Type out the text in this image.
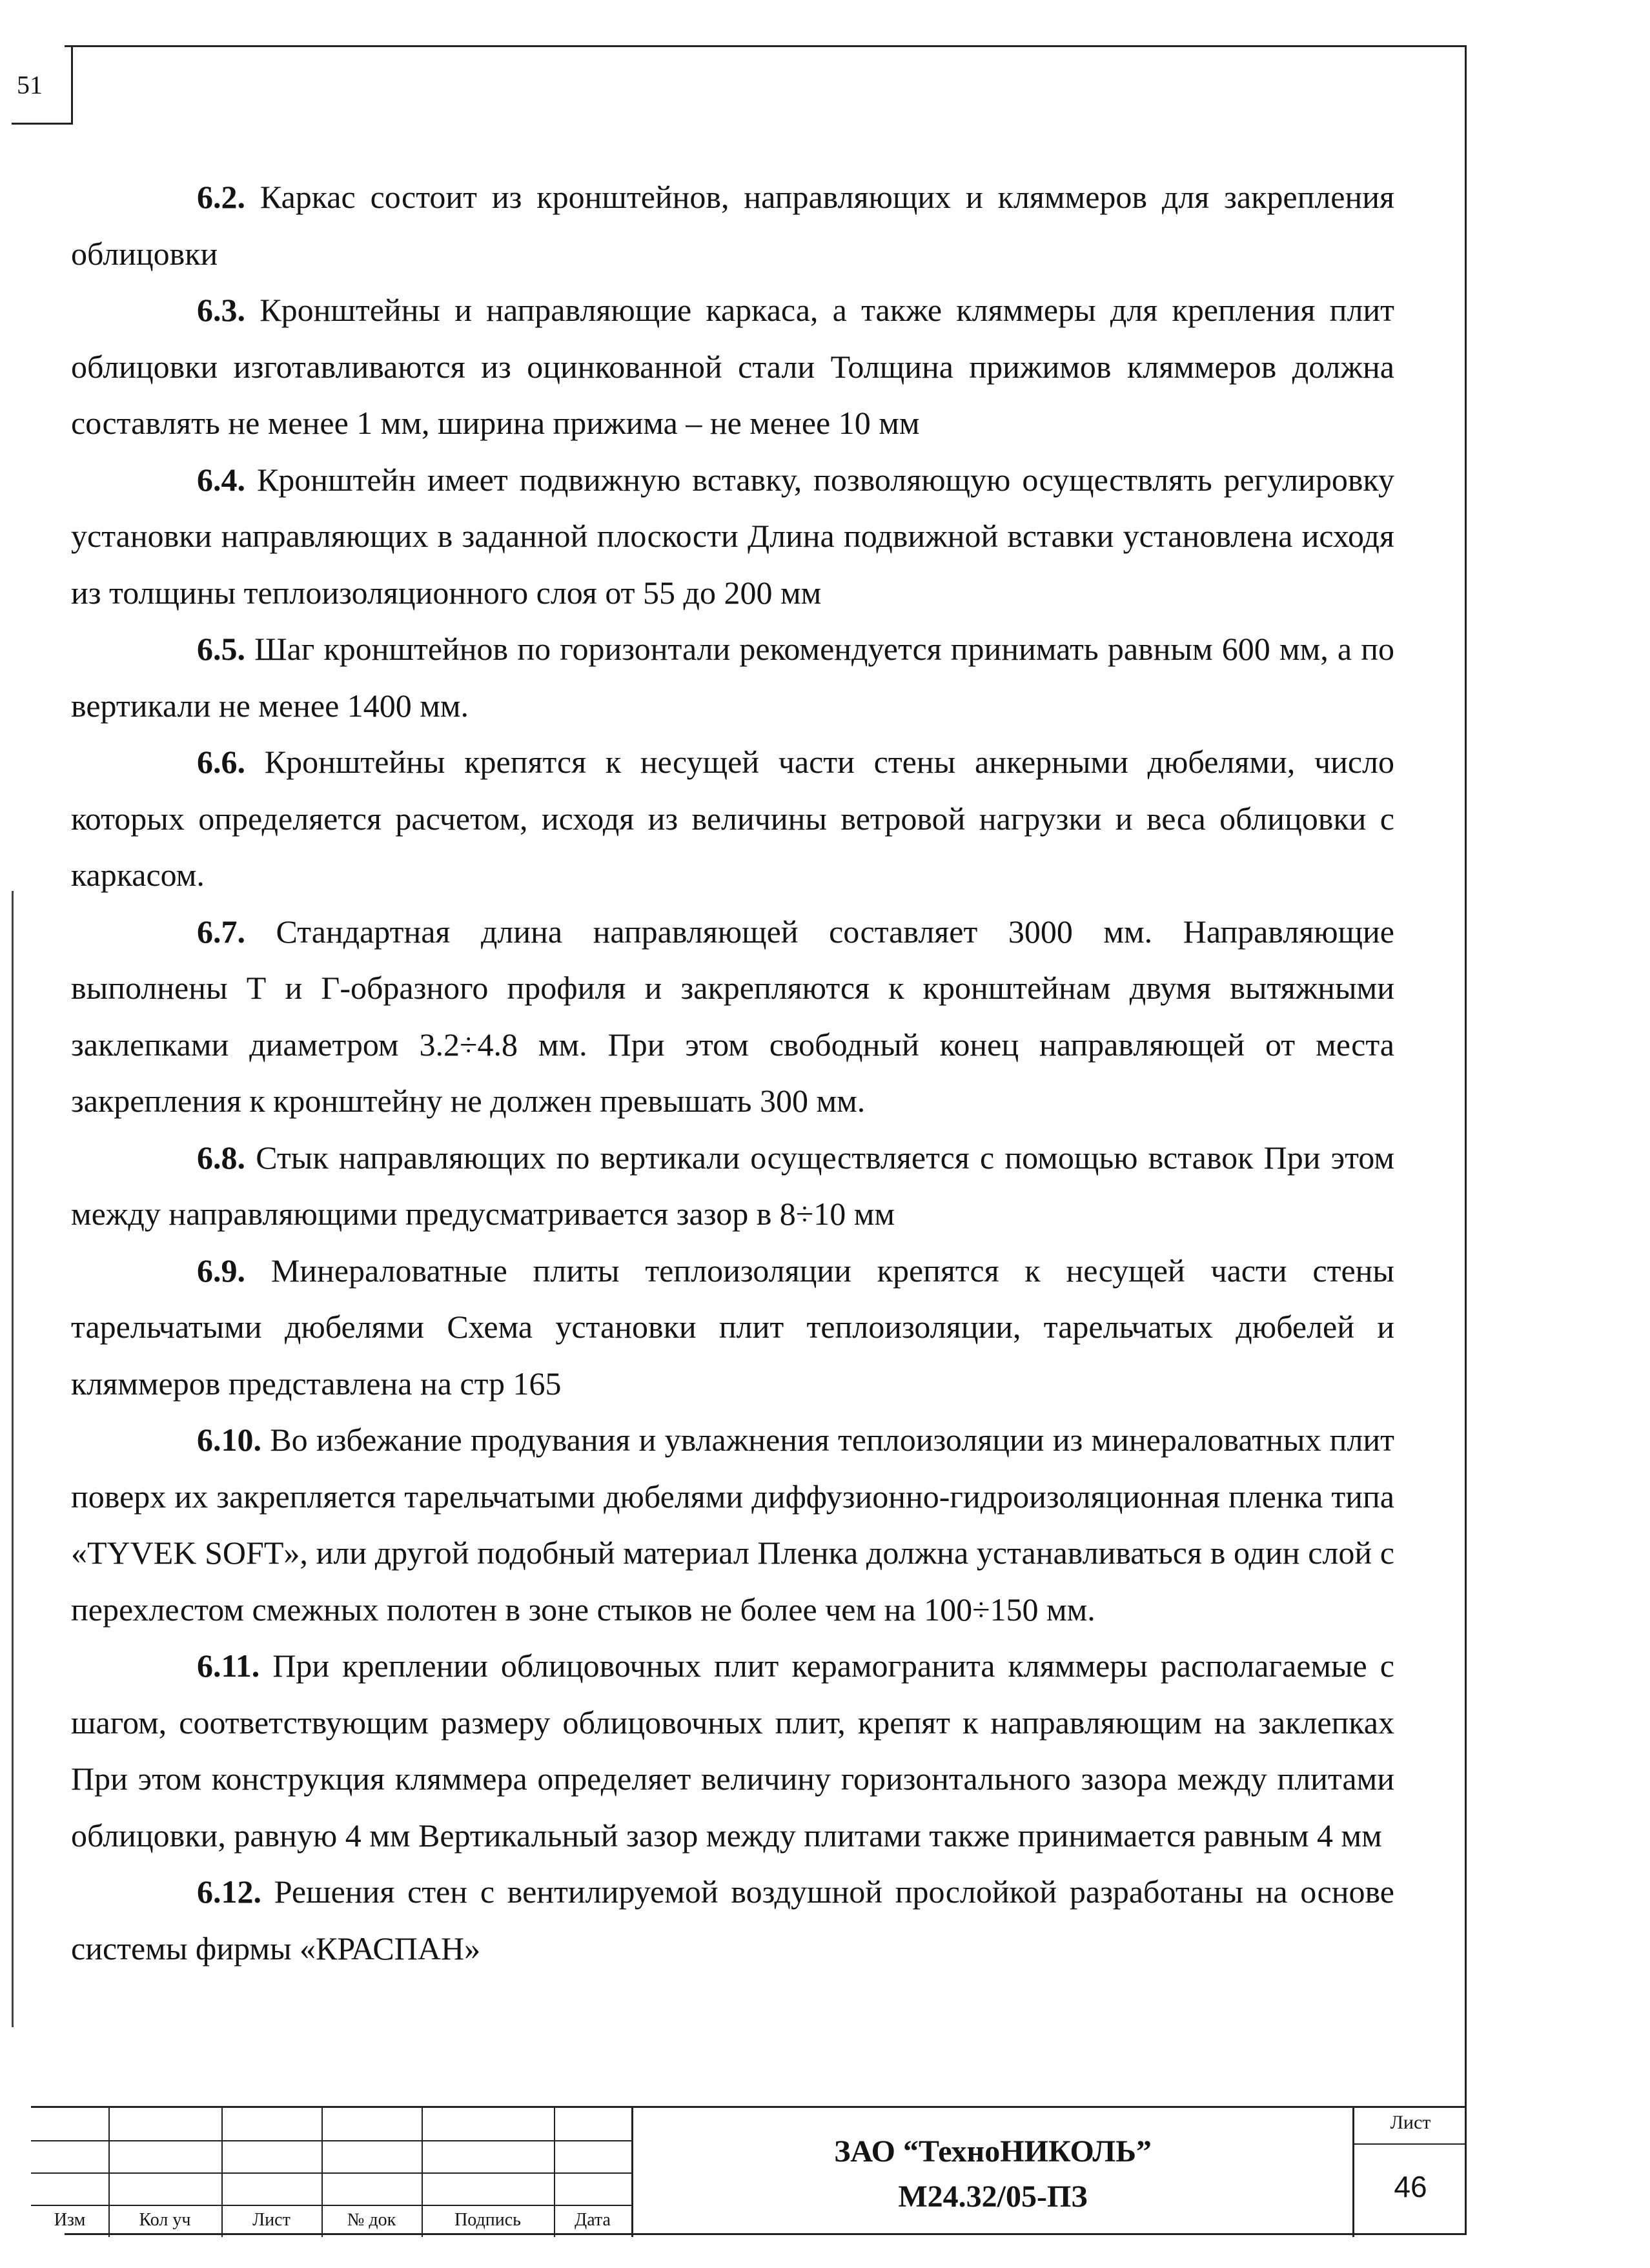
51

6.2. Каркас состоит из кронштейнов, направляющих и кляммеров для закрепления облицовки

6.3. Кронштейны и направляющие каркаса, а также кляммеры для крепления плит облицовки изготавливаются из оцинкованной стали Толщина прижимов кляммеров должна составлять не менее 1 мм, ширина прижима – не менее 10 мм

6.4. Кронштейн имеет подвижную вставку, позволяющую осуществлять регулировку установки направляющих в заданной плоскости Длина подвижной вставки установлена исходя из толщины теплоизоляционного слоя от 55 до 200 мм

6.5. Шаг кронштейнов по горизонтали рекомендуется принимать равным 600 мм, а по вертикали не менее 1400 мм.

6.6. Кронштейны крепятся к несущей части стены анкерными дюбелями, число которых определяется расчетом, исходя из величины ветровой нагрузки и веса облицовки с каркасом.

6.7. Стандартная длина направляющей составляет 3000 мм. Направляющие выполнены Т и Г-образного профиля и закрепляются к кронштейнам двумя вытяжными заклепками диаметром 3.2÷4.8 мм. При этом свободный конец направляющей от места закрепления к кронштейну не должен превышать 300 мм.

6.8. Стык направляющих по вертикали осуществляется с помощью вставок При этом между направляющими предусматривается зазор в 8÷10 мм

6.9. Минераловатные плиты теплоизоляции крепятся к несущей части стены тарельчатыми дюбелями Схема установки плит теплоизоляции, тарельчатых дюбелей и кляммеров представлена на стр 165

6.10. Во избежание продувания и увлажнения теплоизоляции из минераловатных плит поверх их закрепляется тарельчатыми дюбелями диффузионно-гидроизоляционная пленка типа «TYVEK SOFT», или другой подобный материал Пленка должна устанавливаться в один слой с перехлестом смежных полотен в зоне стыков не более чем на 100÷150 мм.

6.11. При креплении облицовочных плит керамогранита кляммеры располагаемые с шагом, соответствующим размеру облицовочных плит, крепят к направляющим на заклепках При этом конструкция кляммера определяет величину горизонтального зазора между плитами облицовки, равную 4 мм Вертикальный зазор между плитами также принимается равным 4 мм

6.12. Решения стен с вентилируемой воздушной прослойкой разработаны на основе системы фирмы «КРАСПАН»

Изм	Кол уч	Лист	№ док	Подпись	Дата
ЗАО “ТехноНИКОЛЬ”
М24.32/05-ПЗ
Лист
46
